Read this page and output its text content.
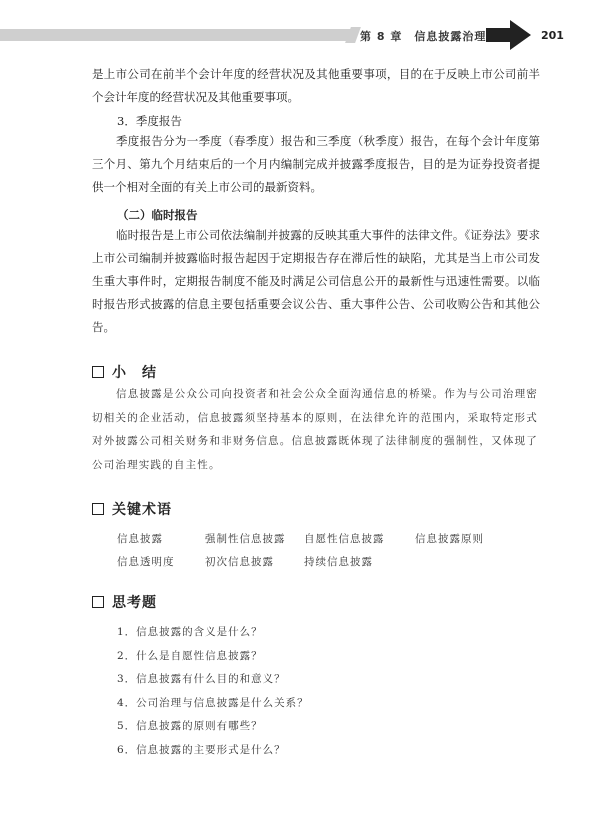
第 8 章 信息披露治理	201
是上市公司在前半个会计年度的经营状况及其他重要事项，目的在于反映上市公司前半个会计年度的经营状况及其他重要事项。
3．季度报告
季度报告分为一季度（春季度）报告和三季度（秋季度）报告，在每个会计年度第三个月、第九个月结束后的一个月内编制完成并披露季度报告，目的是为证券投资者提供一个相对全面的有关上市公司的最新资料。
（二）临时报告
临时报告是上市公司依法编制并披露的反映其重大事件的法律文件。《证券法》要求上市公司编制并披露临时报告起因于定期报告存在滞后性的缺陷，尤其是当上市公司发生重大事件时，定期报告制度不能及时满足公司信息公开的最新性与迅速性需要。以临时报告形式披露的信息主要包括重要会议公告、重大事件公告、公司收购公告和其他公告。
小　结
信息披露是公众公司向投资者和社会公众全面沟通信息的桥梁。作为与公司治理密切相关的企业活动，信息披露须坚持基本的原则，在法律允许的范围内，采取特定形式对外披露公司相关财务和非财务信息。信息披露既体现了法律制度的强制性，又体现了公司治理实践的自主性。
关键术语
信息披露	强制性信息披露	自愿性信息披露	信息披露原则
信息透明度	初次信息披露	持续信息披露
思考题
1．信息披露的含义是什么？
2．什么是自愿性信息披露？
3．信息披露有什么目的和意义？
4．公司治理与信息披露是什么关系？
5．信息披露的原则有哪些？
6．信息披露的主要形式是什么？
